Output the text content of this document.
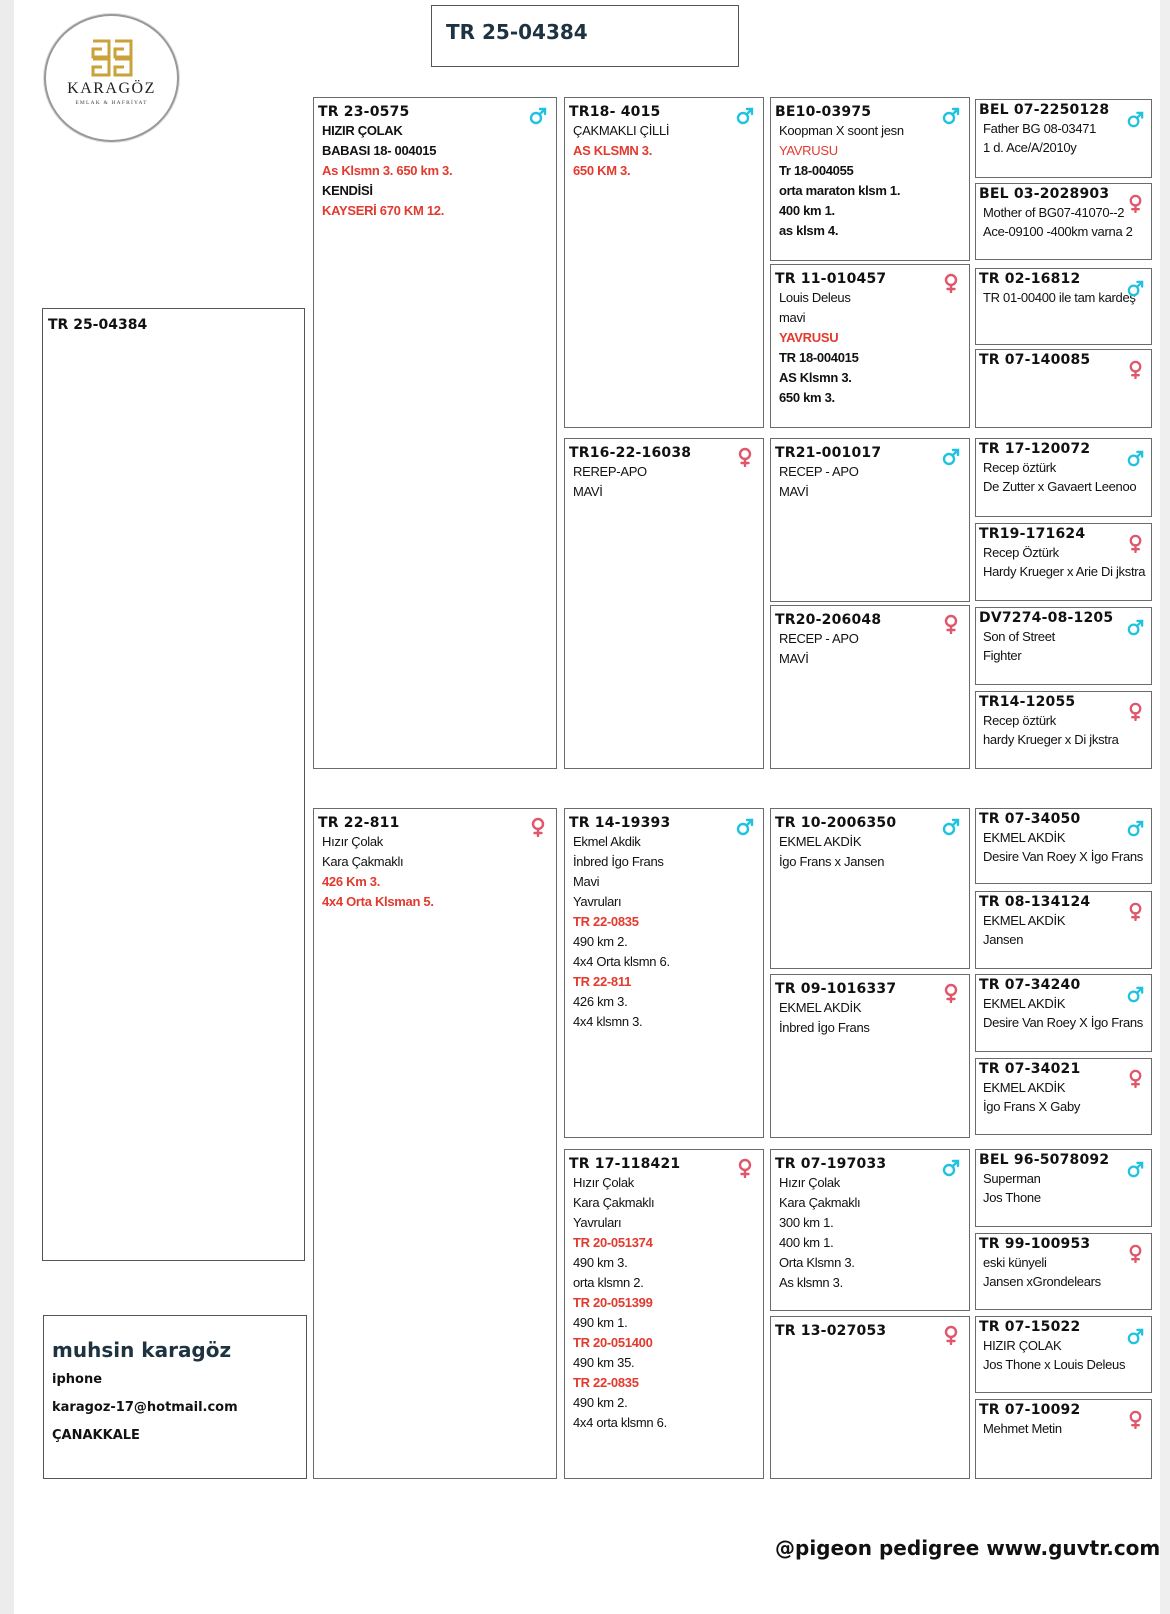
KARAGÖZ
EMLAK & HAFRİYAT
TR 25-04384
TR 25-04384
muhsin karagöz
iphone
karagoz-17@hotmail.com
ÇANAKKALE
TR 23-0575
HIZIR ÇOLAK
BABASI 18- 004015
As Klsmn 3. 650 km 3.
KENDİSİ
KAYSERİ 670 KM 12.
TR 22-811
Hızır Çolak
Kara Çakmaklı
426 Km 3.
4x4 Orta Klsman 5.
TR18- 4015
ÇAKMAKLI ÇİLLİ
AS KLSMN 3.
650 KM 3.
TR16-22-16038
REREP-APO
MAVİ
TR 14-19393
Ekmel Akdik
İnbred İgo Frans
Mavi
Yavruları
TR 22-0835
490 km 2.
4x4 Orta klsmn 6.
TR 22-811
426 km 3.
4x4 klsmn 3.
TR 17-118421
Hızır Çolak
Kara Çakmaklı
Yavruları
TR 20-051374
490 km 3.
orta klsmn 2.
TR 20-051399
490 km 1.
TR 20-051400
490 km 35.
TR 22-0835
490 km 2.
4x4 orta klsmn 6.
BE10-03975
Koopman X soont jesn
YAVRUSU
Tr 18-004055
orta maraton klsm 1.
400 km 1.
as klsm 4.
TR 11-010457
Louis Deleus
mavi
YAVRUSU
TR 18-004015
AS Klsmn 3.
650 km 3.
TR21-001017
RECEP - APO
MAVİ
TR20-206048
RECEP - APO
MAVİ
TR 10-2006350
EKMEL AKDİK
İgo Frans x Jansen
TR 09-1016337
EKMEL AKDİK
İnbred İgo Frans
TR 07-197033
Hızır Çolak
Kara Çakmaklı
300 km 1.
400 km 1.
Orta Klsmn 3.
As klsmn 3.
TR 13-027053
BEL 07-2250128
Father BG 08-03471
1 d. Ace/A/2010y
BEL 03-2028903
Mother of BG07-41070--2
Ace-09100 -400km varna 2
TR 02-16812
TR 01-00400 ile tam kardeş
TR 07-140085
TR 17-120072
Recep öztürk
De Zutter x Gavaert Leenoo
TR19-171624
Recep Öztürk
Hardy Krueger x Arie Di jkstra
DV7274-08-1205
Son of Street
Fighter
TR14-12055
Recep öztürk
hardy Krueger x Di jkstra
TR 07-34050
EKMEL AKDİK
Desire Van Roey X İgo Frans
TR 08-134124
EKMEL AKDİK
Jansen
TR 07-34240
EKMEL AKDİK
Desire Van Roey X İgo Frans
TR 07-34021
EKMEL AKDİK
İgo Frans X Gaby
BEL 96-5078092
Superman
Jos Thone
TR 99-100953
eski künyeli
Jansen xGrondelears
TR 07-15022
HIZIR ÇOLAK
Jos Thone x Louis Deleus
TR 07-10092
Mehmet Metin
@pigeon pedigree www.guvtr.com
